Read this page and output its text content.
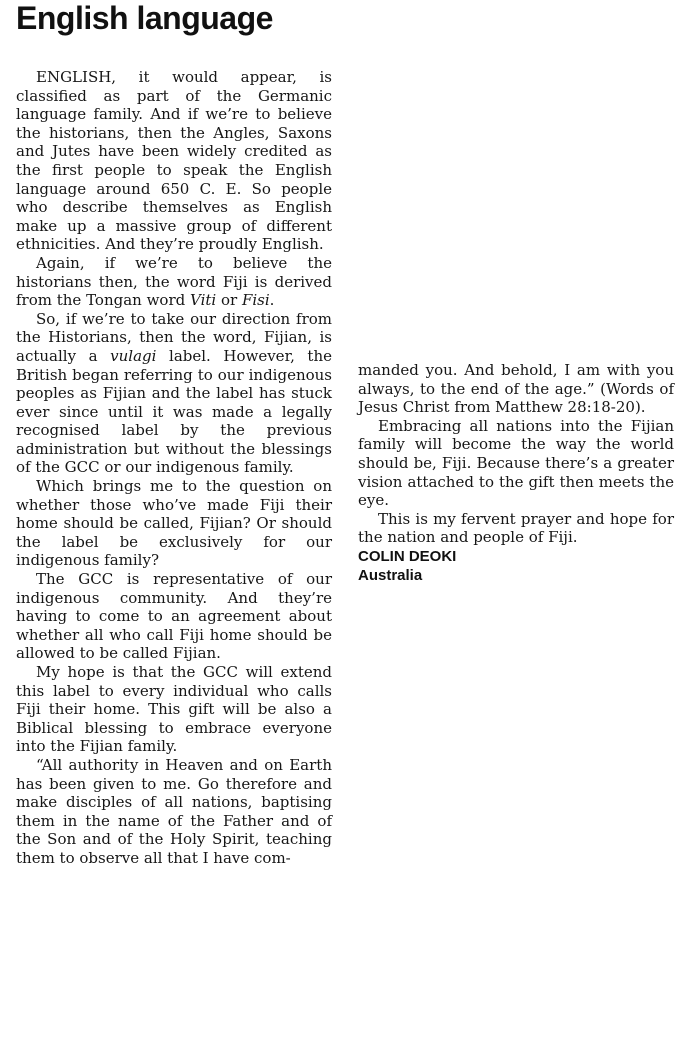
English language

ENGLISH, it would appear, is classified as part of the Germanic language family. And if we’re to believe the historians, then the Angles, Saxons and Jutes have been widely credited as the first people to speak the English language around 650 C. E. So people who describe themselves as English make up a massive group of different ethnicities. And they’re proudly English.

Again, if we’re to believe the historians then, the word Fiji is derived from the Tongan word Viti or Fisi.

So, if we’re to take our direction from the Historians, then the word, Fijian, is actually a vulagi label. However, the British began referring to our indigenous peoples as Fijian and the label has stuck ever since until it was made a legally recognised label by the previous administration but without the blessings of the GCC or our indigenous family.

Which brings me to the question on whether those who’ve made Fiji their home should be called, Fijian? Or should the label be exclusively for our indigenous family?

The GCC is representative of our indigenous community. And they’re having to come to an agreement about whether all who call Fiji home should be allowed to be called Fijian.

My hope is that the GCC will extend this label to every individual who calls Fiji their home. This gift will be also a Biblical blessing to embrace everyone into the Fijian family.

“All authority in Heaven and on Earth has been given to me. Go therefore and make disciples of all nations, baptising them in the name of the Father and of the Son and of the Holy Spirit, teaching them to observe all that I have com-

manded you. And behold, I am with you always, to the end of the age.” (Words of Jesus Christ from Matthew 28:18-20).

Embracing all nations into the Fijian family will become the way the world should be, Fiji. Because there’s a greater vision attached to the gift then meets the eye.

This is my fervent prayer and hope for the nation and people of Fiji.

COLIN DEOKI
Australia
